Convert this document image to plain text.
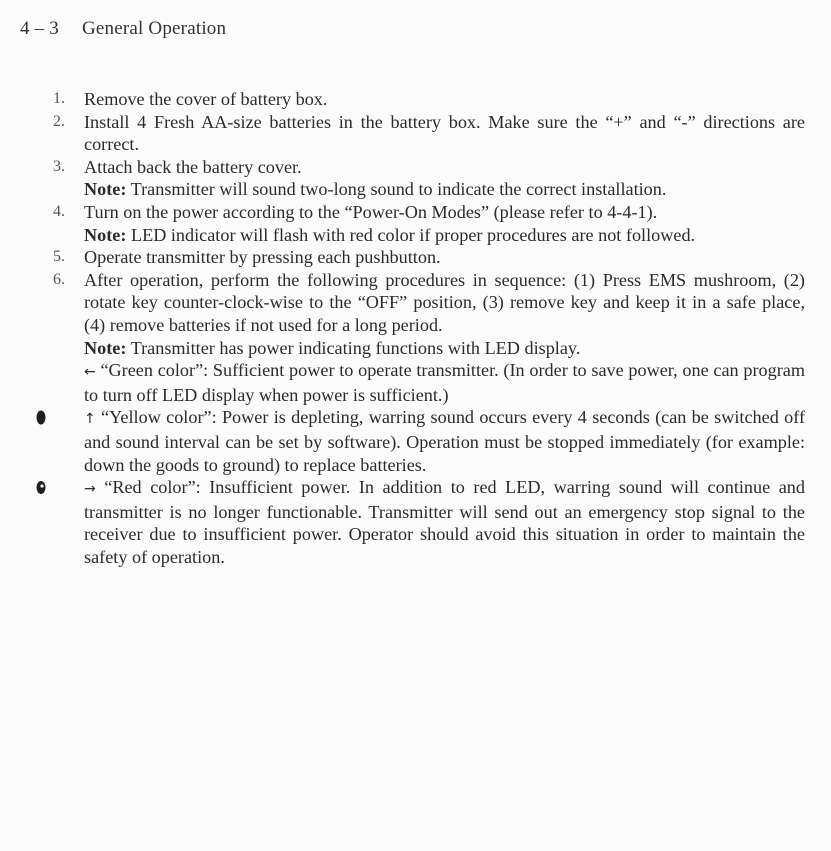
4 – 3 General Operation
1. Remove the cover of battery box.
2. Install 4 Fresh AA-size batteries in the battery box. Make sure the “+” and “-” directions are correct.
3. Attach back the battery cover.
Note: Transmitter will sound two-long sound to indicate the correct installation.
4. Turn on the power according to the “Power-On Modes” (please refer to 4-4-1).
Note: LED indicator will flash with red color if proper procedures are not followed.
5. Operate transmitter by pressing each pushbutton.
6. After operation, perform the following procedures in sequence: (1) Press EMS mushroom, (2) rotate key counter-clock-wise to the “OFF” position, (3) remove key and keep it in a safe place, (4) remove batteries if not used for a long period.
Note: Transmitter has power indicating functions with LED display.
← “Green color”: Sufficient power to operate transmitter. (In order to save power, one can program to turn off LED display when power is sufficient.)
↑ “Yellow color”: Power is depleting, warring sound occurs every 4 seconds (can be switched off and sound interval can be set by software). Operation must be stopped immediately (for example: down the goods to ground) to replace batteries.
→ “Red color”: Insufficient power. In addition to red LED, warring sound will continue and transmitter is no longer functionable. Transmitter will send out an emergency stop signal to the receiver due to insufficient power. Operator should avoid this situation in order to maintain the safety of operation.
